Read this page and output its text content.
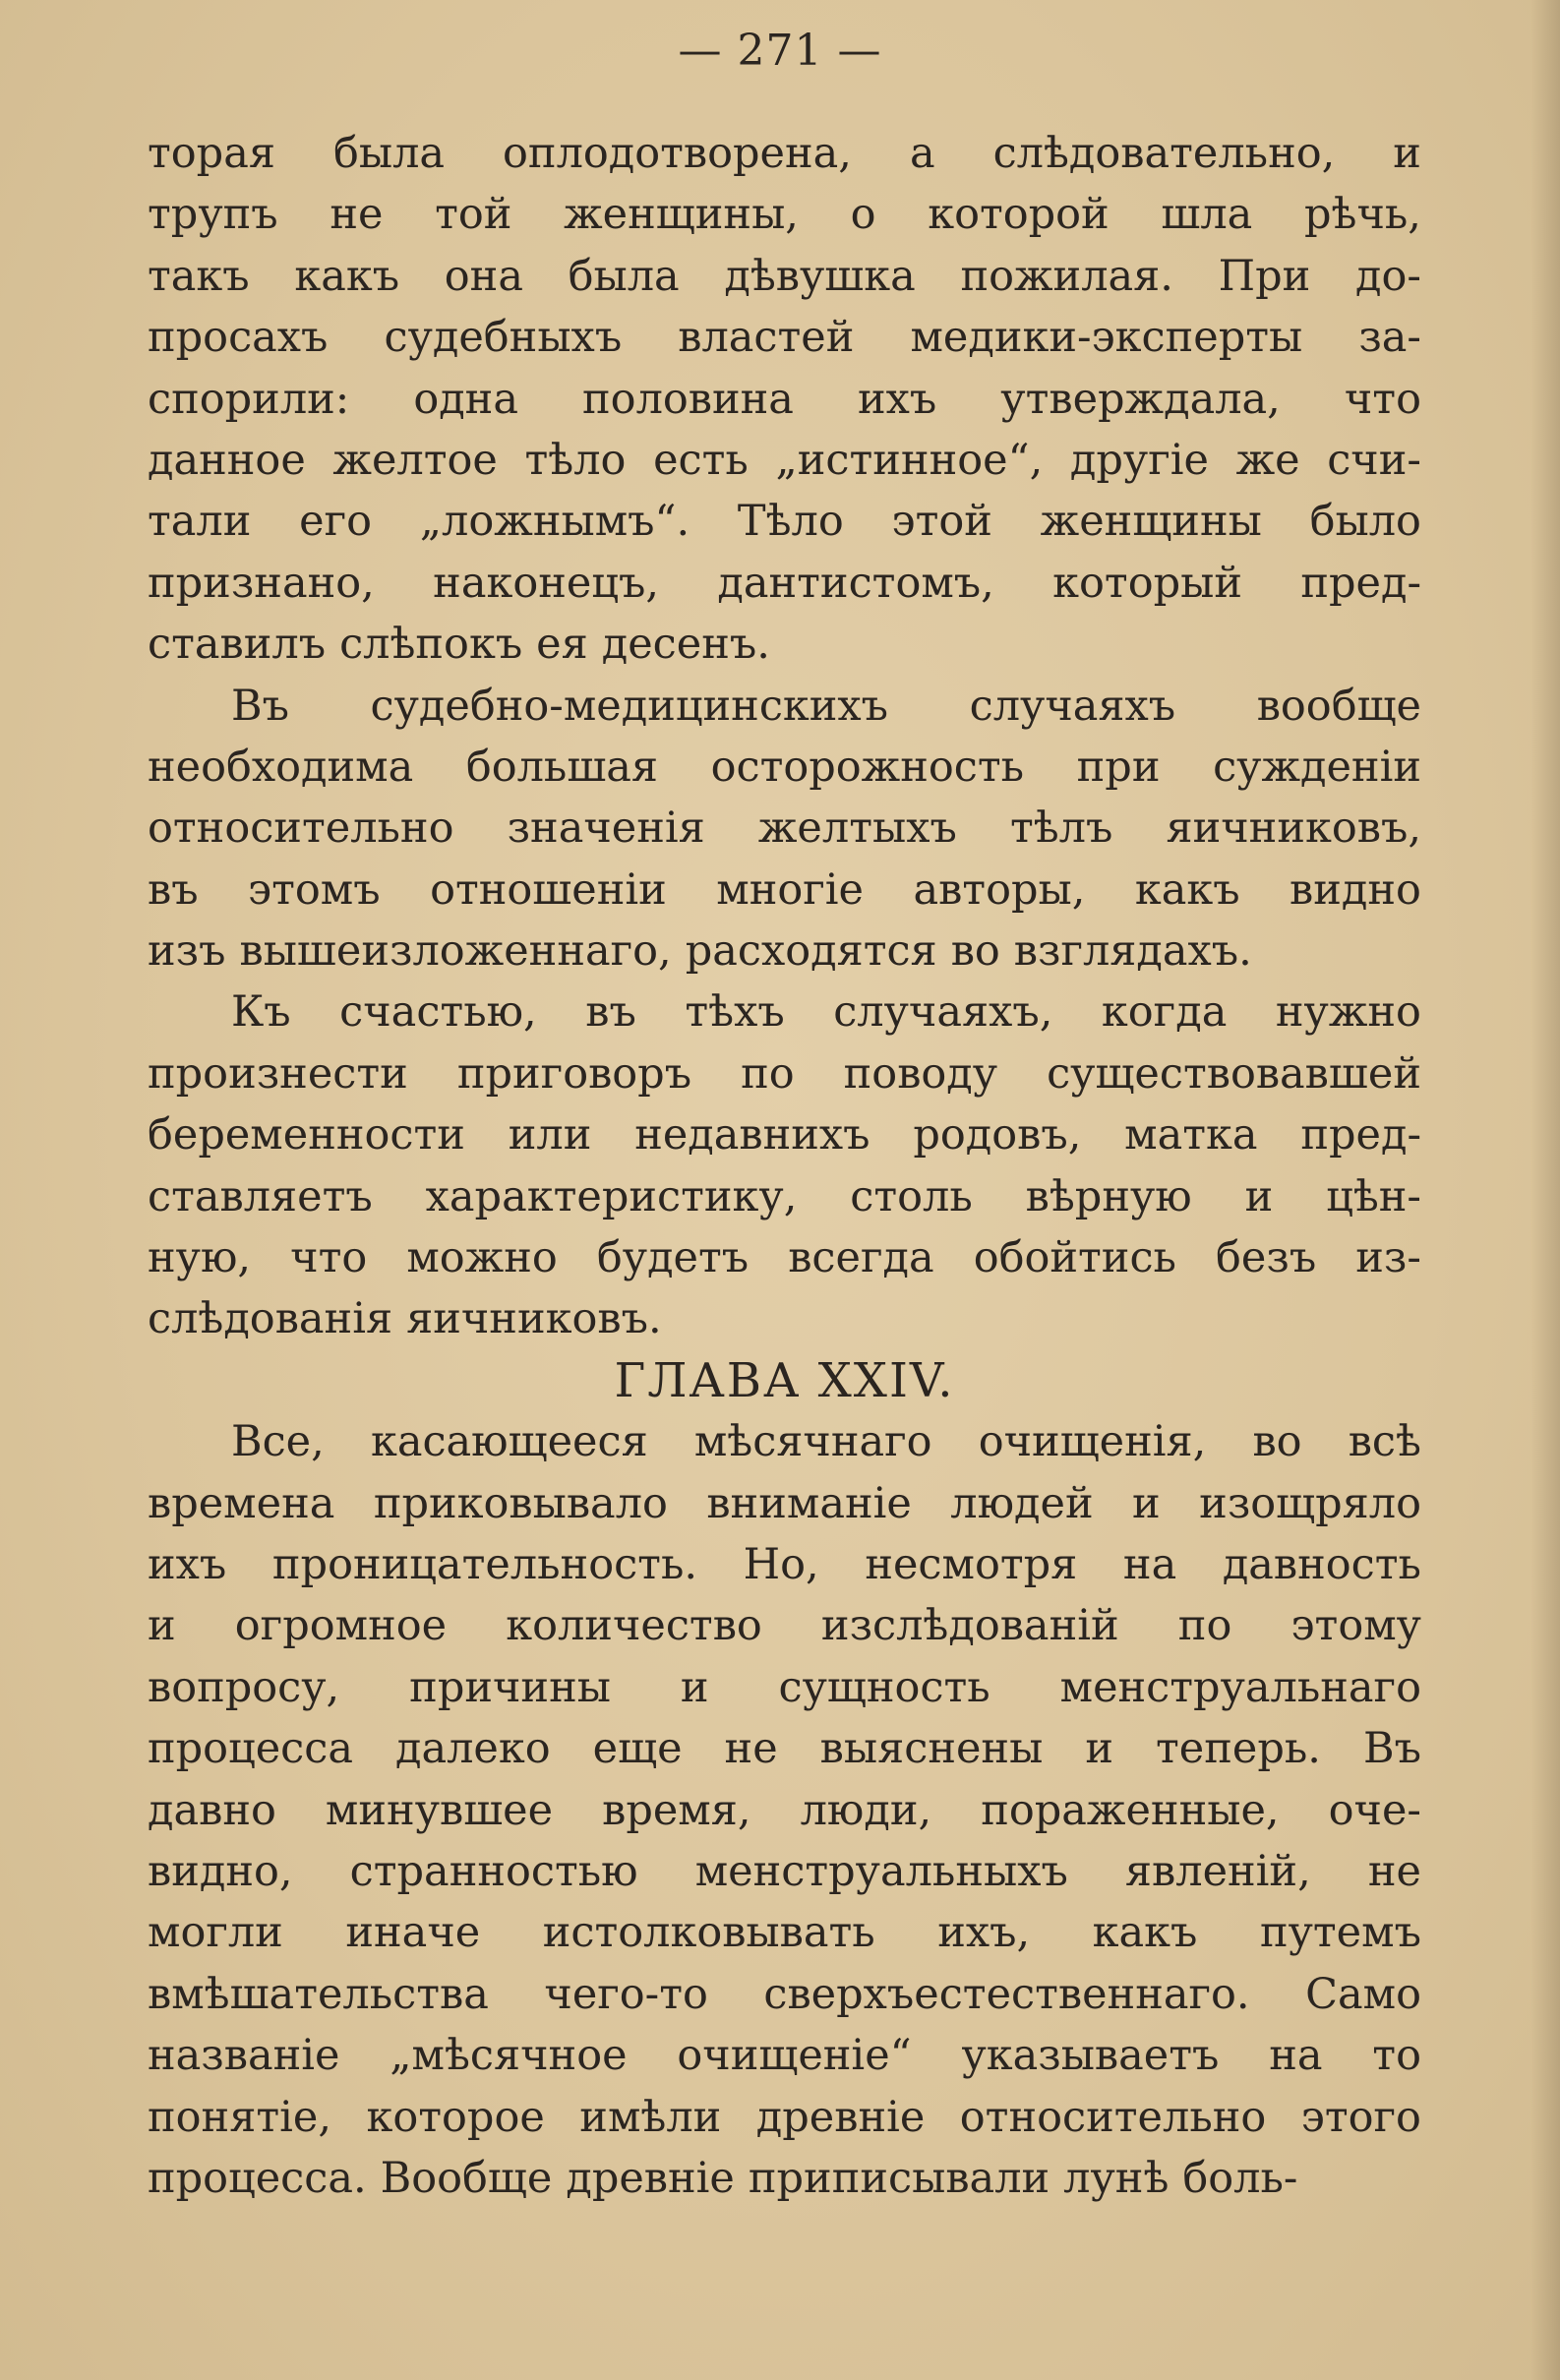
— 271 —
торая была оплодотворена, а слѣдовательно, и
трупъ не той женщины, о которой шла рѣчь,
такъ какъ она была дѣвушка пожилая. При до-
просахъ судебныхъ властей медики-эксперты за-
спорили: одна половина ихъ утверждала, что
данное желтое тѣло есть „истинное“, другіе же счи-
тали его „ложнымъ“. Тѣло этой женщины было
признано, наконецъ, дантистомъ, который пред-
ставилъ слѣпокъ ея десенъ.
Въ судебно-медицинскихъ случаяхъ вообще
необходима большая осторожность при сужденіи
относительно значенія желтыхъ тѣлъ яичниковъ,
въ этомъ отношеніи многіе авторы, какъ видно
изъ вышеизложеннаго, расходятся во взглядахъ.
Къ счастью, въ тѣхъ случаяхъ, когда нужно
произнести приговоръ по поводу существовавшей
беременности или недавнихъ родовъ, матка пред-
ставляетъ характеристику, столь вѣрную и цѣн-
ную, что можно будетъ всегда обойтись безъ из-
слѣдованія яичниковъ.
ГЛАВА XXIV.
Все, касающееся мѣсячнаго очищенія, во всѣ
времена приковывало вниманіе людей и изощряло
ихъ проницательность. Но, несмотря на давность
и огромное количество изслѣдованій по этому
вопросу, причины и сущность менструальнаго
процесса далеко еще не выяснены и теперь. Въ
давно минувшее время, люди, пораженные, оче-
видно, странностью менструальныхъ явленій, не
могли иначе истолковывать ихъ, какъ путемъ
вмѣшательства чего-то сверхъестественнаго. Само
названіе „мѣсячное очищеніе“ указываетъ на то
понятіе, которое имѣли древніе относительно этого
процесса. Вообще древніе приписывали лунѣ боль-
